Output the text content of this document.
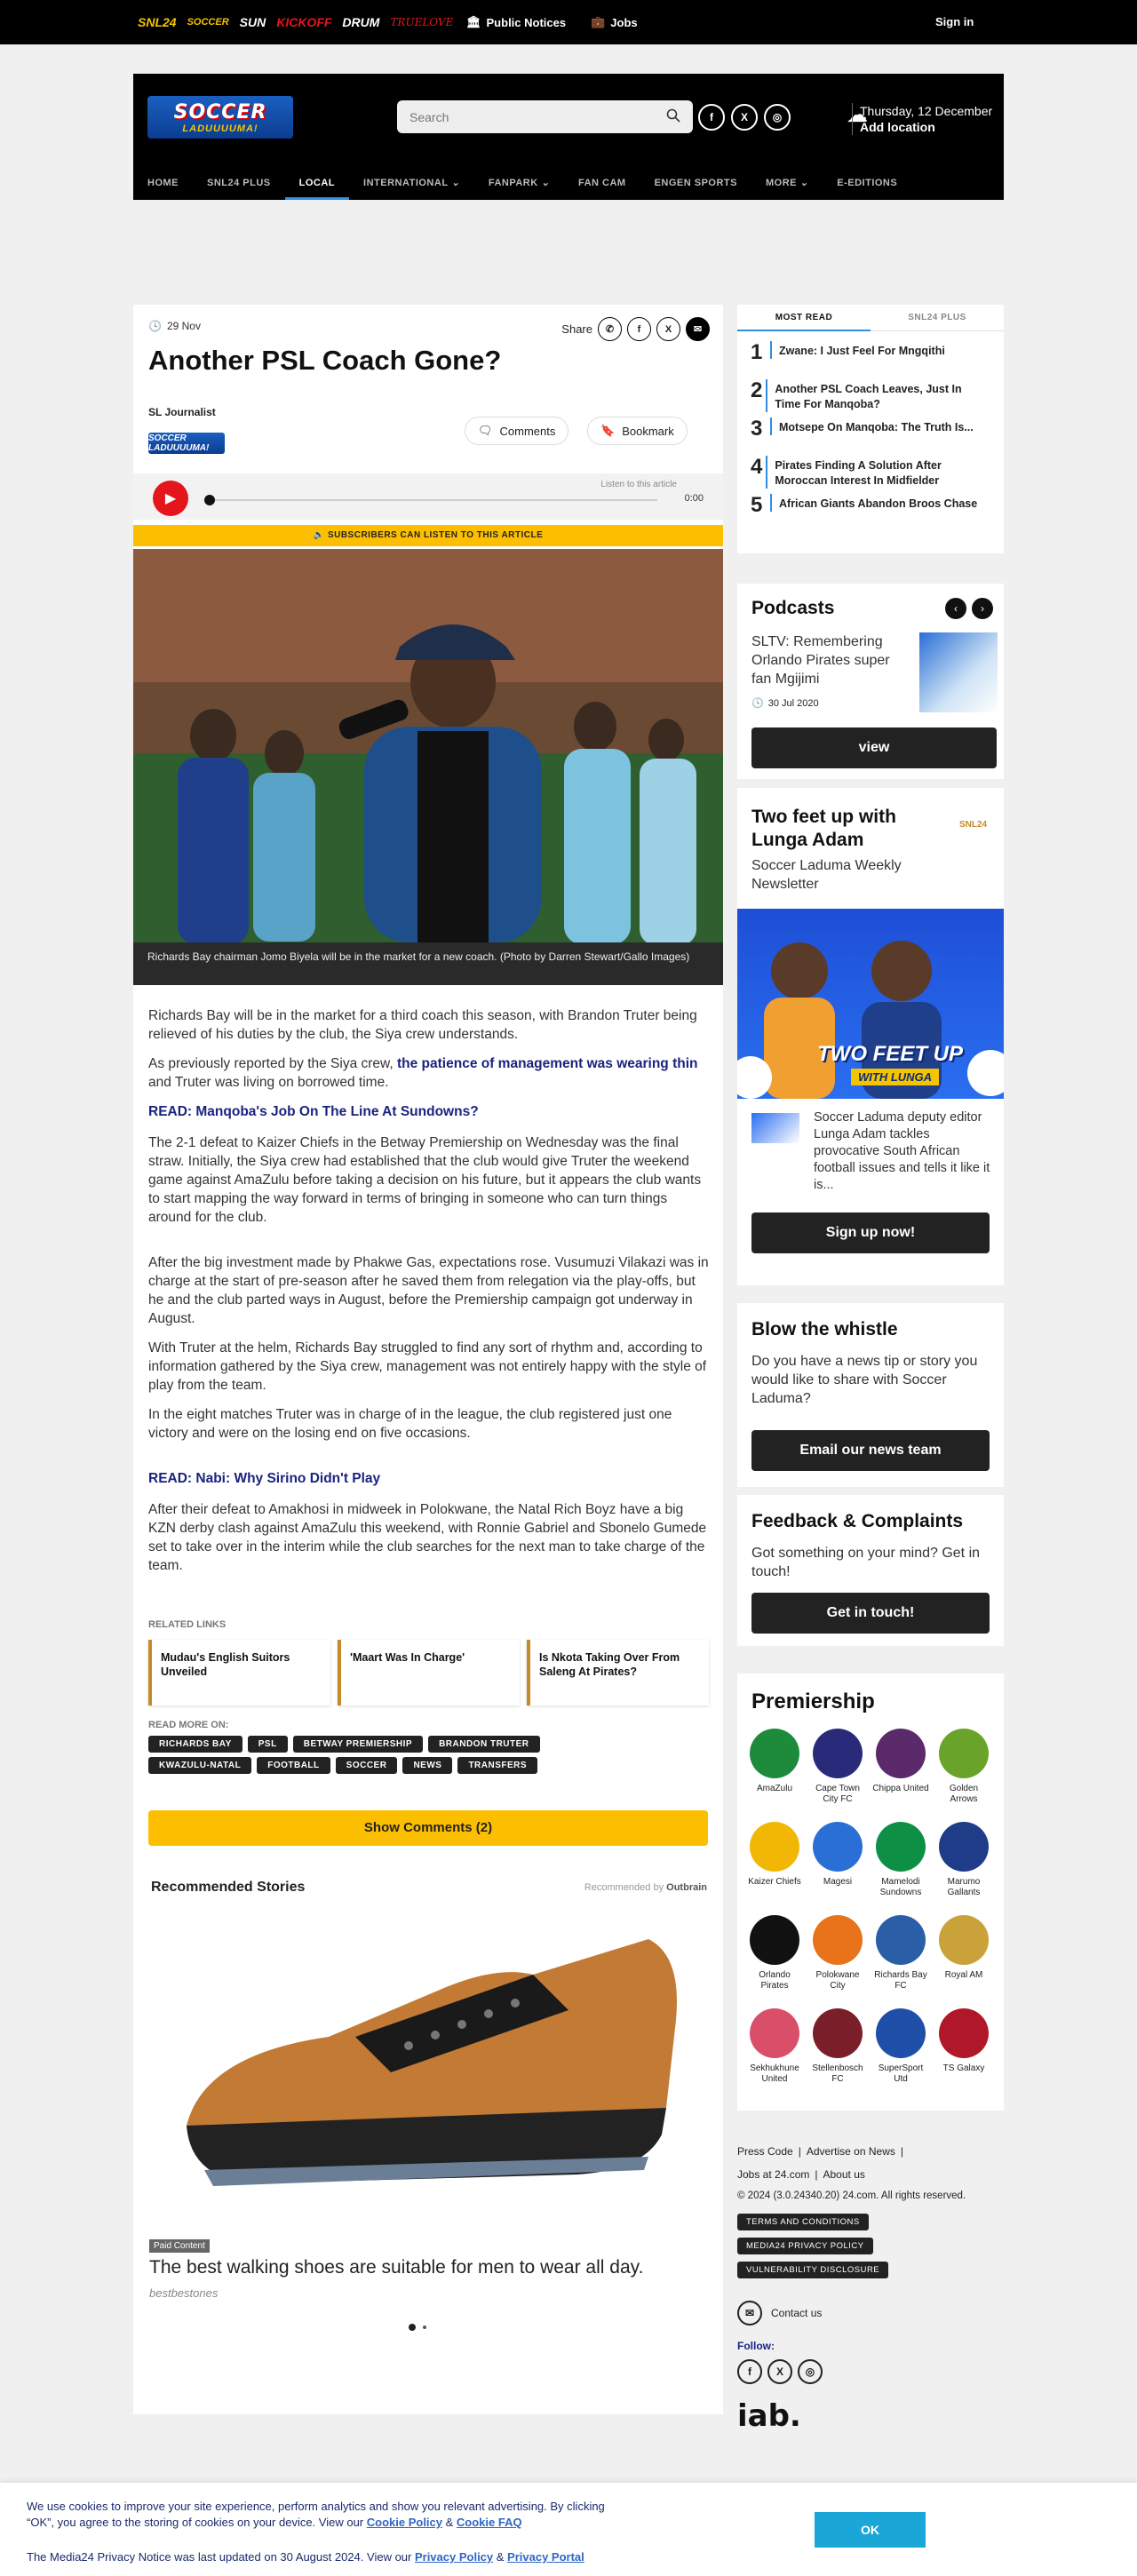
SNL24 SOCCER SUN KICKOFF DRUM TRUELOVE 🏛 Public Notices 💼 Jobs	Sign in
SOCCER
LADUUUUMA!
Search	f	X	◎	☁
Thursday, 12 December
Add location
HOME	SNL24 PLUS	LOCAL	INTERNATIONAL ⌄	FANPARK ⌄	FAN CAM	ENGEN SPORTS	MORE ⌄	E-EDITIONS
🕓 29 Nov	Share	✆	f	X	✉
Another PSL Coach Gone?
SL Journalist
SOCCER LADUUUUMA!
🗨 Comments	🔖 Bookmark
▶
Listen to this article
0:00
🔈 SUBSCRIBERS CAN LISTEN TO THIS ARTICLE
Richards Bay chairman Jomo Biyela will be in the market for a new coach. (Photo by Darren Stewart/Gallo Images)

Richards Bay will be in the market for a third coach this season, with Brandon Truter being relieved of his duties by the club, the Siya crew understands.

As previously reported by the Siya crew, the patience of management was wearing thin and Truter was living on borrowed time.

READ: Manqoba's Job On The Line At Sundowns?

The 2-1 defeat to Kaizer Chiefs in the Betway Premiership on Wednesday was the final straw. Initially, the Siya crew had established that the club would give Truter the weekend game against AmaZulu before taking a decision on his future, but it appears the club wants to start mapping the way forward in terms of bringing in someone who can turn things around for the club.

After the big investment made by Phakwe Gas, expectations rose. Vusumuzi Vilakazi was in charge at the start of pre-season after he saved them from relegation via the play-offs, but he and the club parted ways in August, before the Premiership campaign got underway in August.

With Truter at the helm, Richards Bay struggled to find any sort of rhythm and, according to information gathered by the Siya crew, management was not entirely happy with the style of play from the team.

In the eight matches Truter was in charge of in the league, the club registered just one victory and were on the losing end on five occasions.

READ: Nabi: Why Sirino Didn't Play

After their defeat to Amakhosi in midweek in Polokwane, the Natal Rich Boyz have a big KZN derby clash against AmaZulu this weekend, with Ronnie Gabriel and Sbonelo Gumede set to take over in the interim while the club searches for the next man to take charge of the team.

RELATED LINKS
Mudau's English Suitors Unveiled
'Maart Was In Charge'	Is Nkota Taking Over From Saleng At Pirates?
READ MORE ON:
RICHARDS BAY	PSL	BETWAY PREMIERSHIP	BRANDON TRUTER
KWAZULU-NATAL	FOOTBALL	SOCCER	NEWS	TRANSFERS
Show Comments (2)
Recommended Stories	Recommended by Outbrain
Paid Content
The best walking shoes are suitable for men to wear all day.
bestbestones
MOST READ	SNL24 PLUS
1	Zwane: I Just Feel For Mngqithi
2	Another PSL Coach Leaves, Just In Time For Manqoba?
3	Motsepe On Manqoba: The Truth Is...
4	Pirates Finding A Solution After Moroccan Interest In Midfielder
5	African Giants Abandon Broos Chase
Podcasts	‹	›
SLTV: Remembering Orlando Pirates super fan Mgijimi
🕓 30 Jul 2020
view
Two feet up with Lunga Adam
SNL24
Soccer Laduma Weekly Newsletter
TWO FEET UP
WITH LUNGA
Soccer Laduma deputy editor Lunga Adam tackles provocative South African football issues and tells it like it is...
Sign up now!
Blow the whistle
Do you have a news tip or story you would like to share with Soccer Laduma?
Email our news team
Feedback & Complaints
Got something on your mind? Get in touch!
Get in touch!
Premiership
AmaZulu	Cape Town City FC
Chippa United	Golden Arrows
Kaizer Chiefs	Magesi	Mamelodi Sundowns
Marumo Gallants
Orlando Pirates
Polokwane City
Richards Bay FC
Royal AM
Sekhukhune United
Stellenbosch FC
SuperSport Utd
TS Galaxy
Press Code | Advertise on News |
Jobs at 24.com | About us
© 2024 (3.0.24340.20) 24.com. All rights reserved.
TERMS AND CONDITIONS
MEDIA24 PRIVACY POLICY
VULNERABILITY DISCLOSURE
✉	Contact us
Follow:
f	X	◎
iab.
We use cookies to improve your site experience, perform analytics and show you relevant advertising. By clicking “OK”, you agree to the storing of cookies on your device. View our Cookie Policy & Cookie FAQ
The Media24 Privacy Notice was last updated on 30 August 2024. View our Privacy Policy & Privacy Portal
OK
